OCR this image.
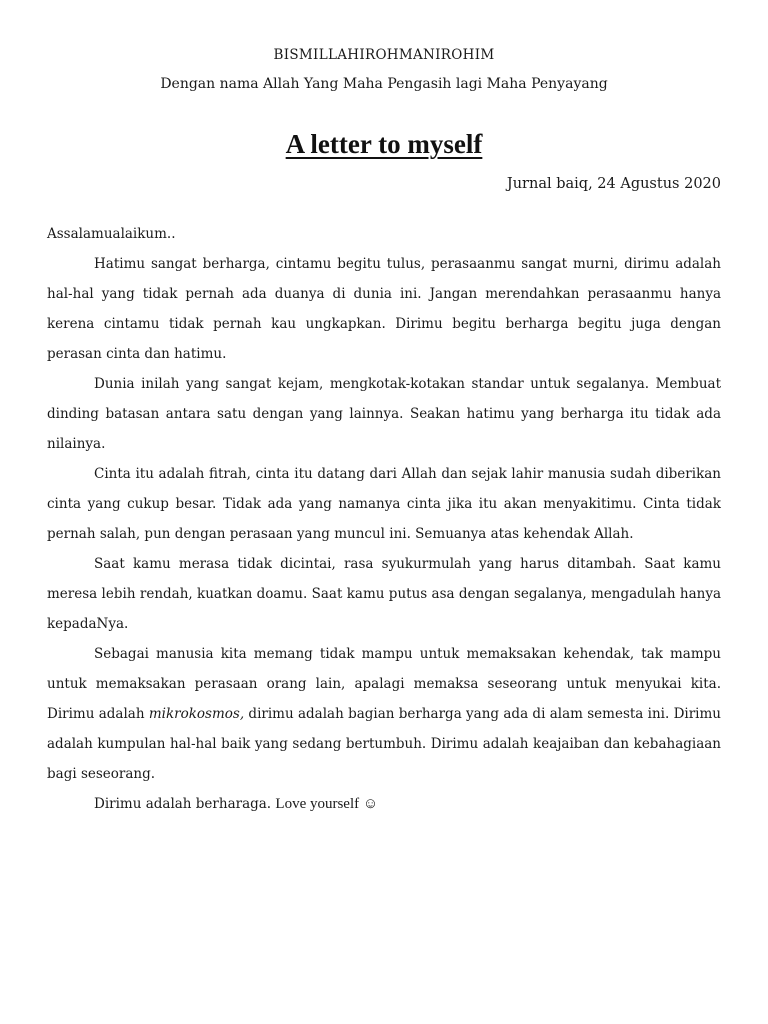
BISMILLAHIROHMANIROHIM

Dengan nama Allah Yang Maha Pengasih lagi Maha Penyayang

A letter to myself

Jurnal baiq, 24 Agustus 2020

Assalamualaikum..

Hatimu sangat berharga, cintamu begitu tulus, perasaanmu sangat murni, dirimu adalah hal-hal yang tidak pernah ada duanya di dunia ini. Jangan merendahkan perasaanmu hanya kerena cintamu tidak pernah kau ungkapkan. Dirimu begitu berharga begitu juga dengan perasan cinta dan hatimu.

Dunia inilah yang sangat kejam, mengkotak-kotakan standar untuk segalanya. Membuat dinding batasan antara satu dengan yang lainnya. Seakan hatimu yang berharga itu tidak ada nilainya.

Cinta itu adalah fitrah, cinta itu datang dari Allah dan sejak lahir manusia sudah diberikan cinta yang cukup besar. Tidak ada yang namanya cinta jika itu akan menyakitimu. Cinta tidak pernah salah, pun dengan perasaan yang muncul ini. Semuanya atas kehendak Allah.

Saat kamu merasa tidak dicintai, rasa syukurmulah yang harus ditambah. Saat kamu meresa lebih rendah, kuatkan doamu. Saat kamu putus asa dengan segalanya, mengadulah hanya kepadaNya.

Sebagai manusia kita memang tidak mampu untuk memaksakan kehendak, tak mampu untuk memaksakan perasaan orang lain, apalagi memaksa seseorang untuk menyukai kita. Dirimu adalah mikrokosmos, dirimu adalah bagian berharga yang ada di alam semesta ini. Dirimu adalah kumpulan hal-hal baik yang sedang bertumbuh. Dirimu adalah keajaiban dan kebahagiaan bagi seseorang.

Dirimu adalah berharaga. Love yourself ☺
